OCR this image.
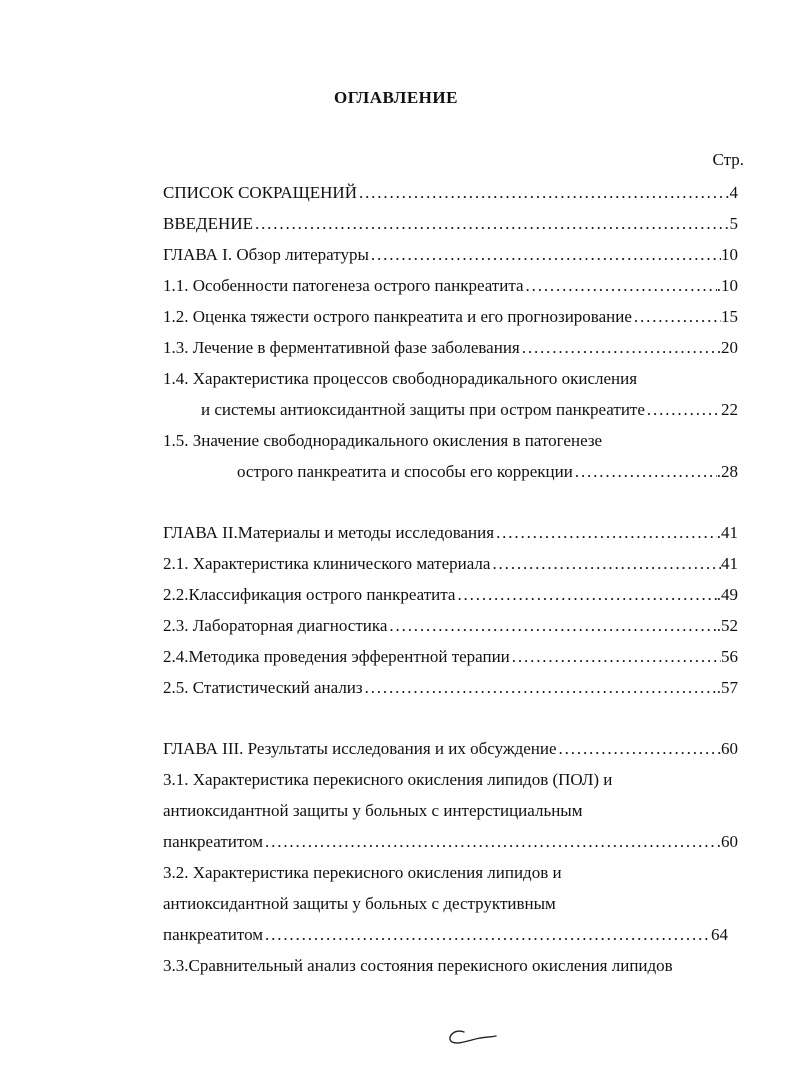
ОГЛАВЛЕНИЕ
Стр.
СПИСОК СОКРАЩЕНИЙ . . .	.4
ВВЕДЕНИЕ . . .	5
ГЛАВА I. Обзор литературы . . .	10
1.1. Особенности патогенеза острого панкреатита . . .	.10
1.2. Оценка тяжести острого панкреатита и его прогнозирование . . .	15
1.3. Лечение в ферментативной фазе заболевания . . .	20
1.4. Характеристика процессов свободнорадикального окисления
и системы антиоксидантной защиты при остром панкреатите . . .	22
1.5. Значение свободнорадикального окисления в патогенезе
острого панкреатита и способы его коррекции . . .	.28
ГЛАВА II.Материалы и методы исследования . . .	.41
2.1. Характеристика клинического материала . . .	41
2.2.Классификация острого панкреатита . . .	.49
2.3. Лабораторная диагностика . . .	.52
2.4.Методика проведения эфферентной терапии . . .	56
2.5. Статистический анализ . . .	.57
ГЛАВА III. Результаты исследования и их обсуждение . . .	60
3.1. Характеристика перекисного окисления липидов (ПОЛ) и
антиоксидантной защиты у больных с интерстициальным
панкреатитом . . .	.60
3.2. Характеристика перекисного окисления липидов и
антиоксидантной защиты у больных с деструктивным
панкреатитом . . .	64
3.3.Сравнительный анализ состояния перекисного окисления липидов
